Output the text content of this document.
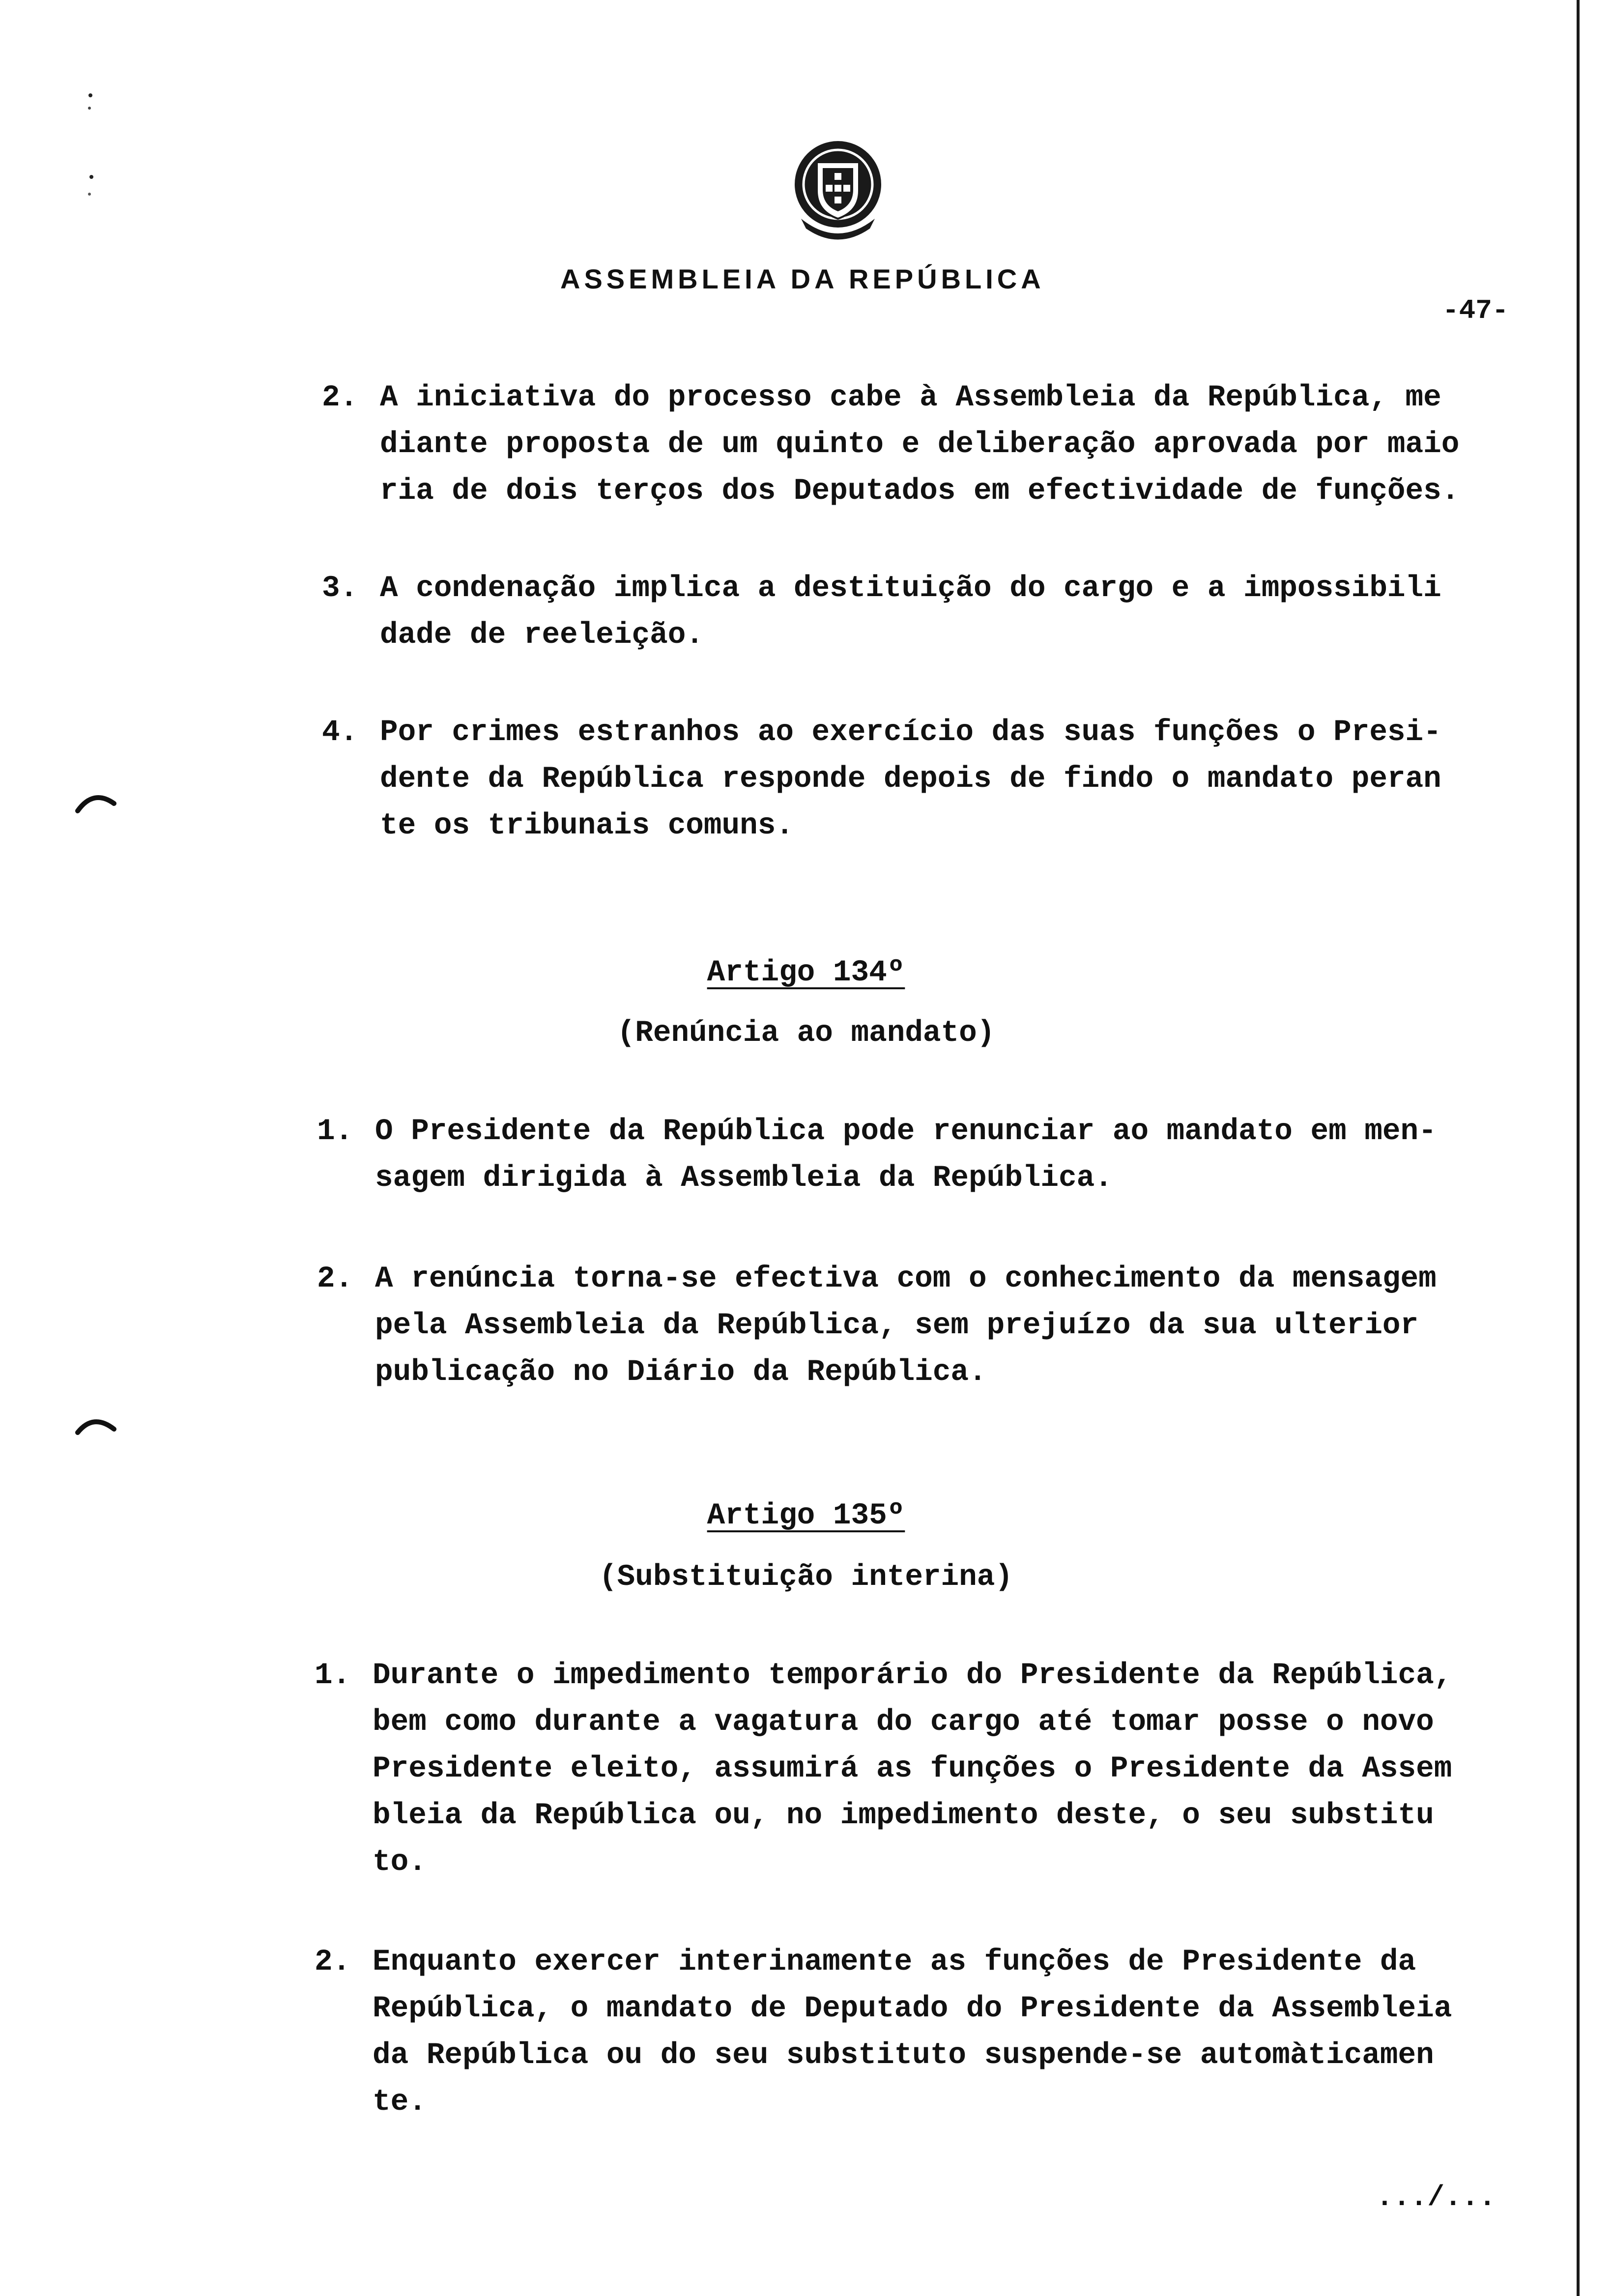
ASSEMBLEIA DA REPÚBLICA
-47-
2. A iniciativa do processo cabe à Assembleia da República, me
diante proposta de um quinto e deliberação aprovada por maio
ria de dois terços dos Deputados em efectividade de funções.
3. A condenação implica a destituição do cargo e a impossibili
dade de reeleição.
4. Por crimes estranhos ao exercício das suas funções o Presi-
dente da República responde depois de findo o mandato peran
te os tribunais comuns.
Artigo 134º
(Renúncia ao mandato)
1. O Presidente da República pode renunciar ao mandato em men-
sagem dirigida à Assembleia da República.
2. A renúncia torna-se efectiva com o conhecimento da mensagem
pela Assembleia da República, sem prejuízo da sua ulterior
publicação no Diário da República.
Artigo 135º
(Substituição interina)
1. Durante o impedimento temporário do Presidente da República,
bem como durante a vagatura do cargo até tomar posse o novo
Presidente eleito, assumirá as funções o Presidente da Assem
bleia da República ou, no impedimento deste, o seu substitu
to.
2. Enquanto exercer interinamente as funções de Presidente da
República, o mandato de Deputado do Presidente da Assembleia
da República ou do seu substituto suspende-se automàticamen
te.
.../...
